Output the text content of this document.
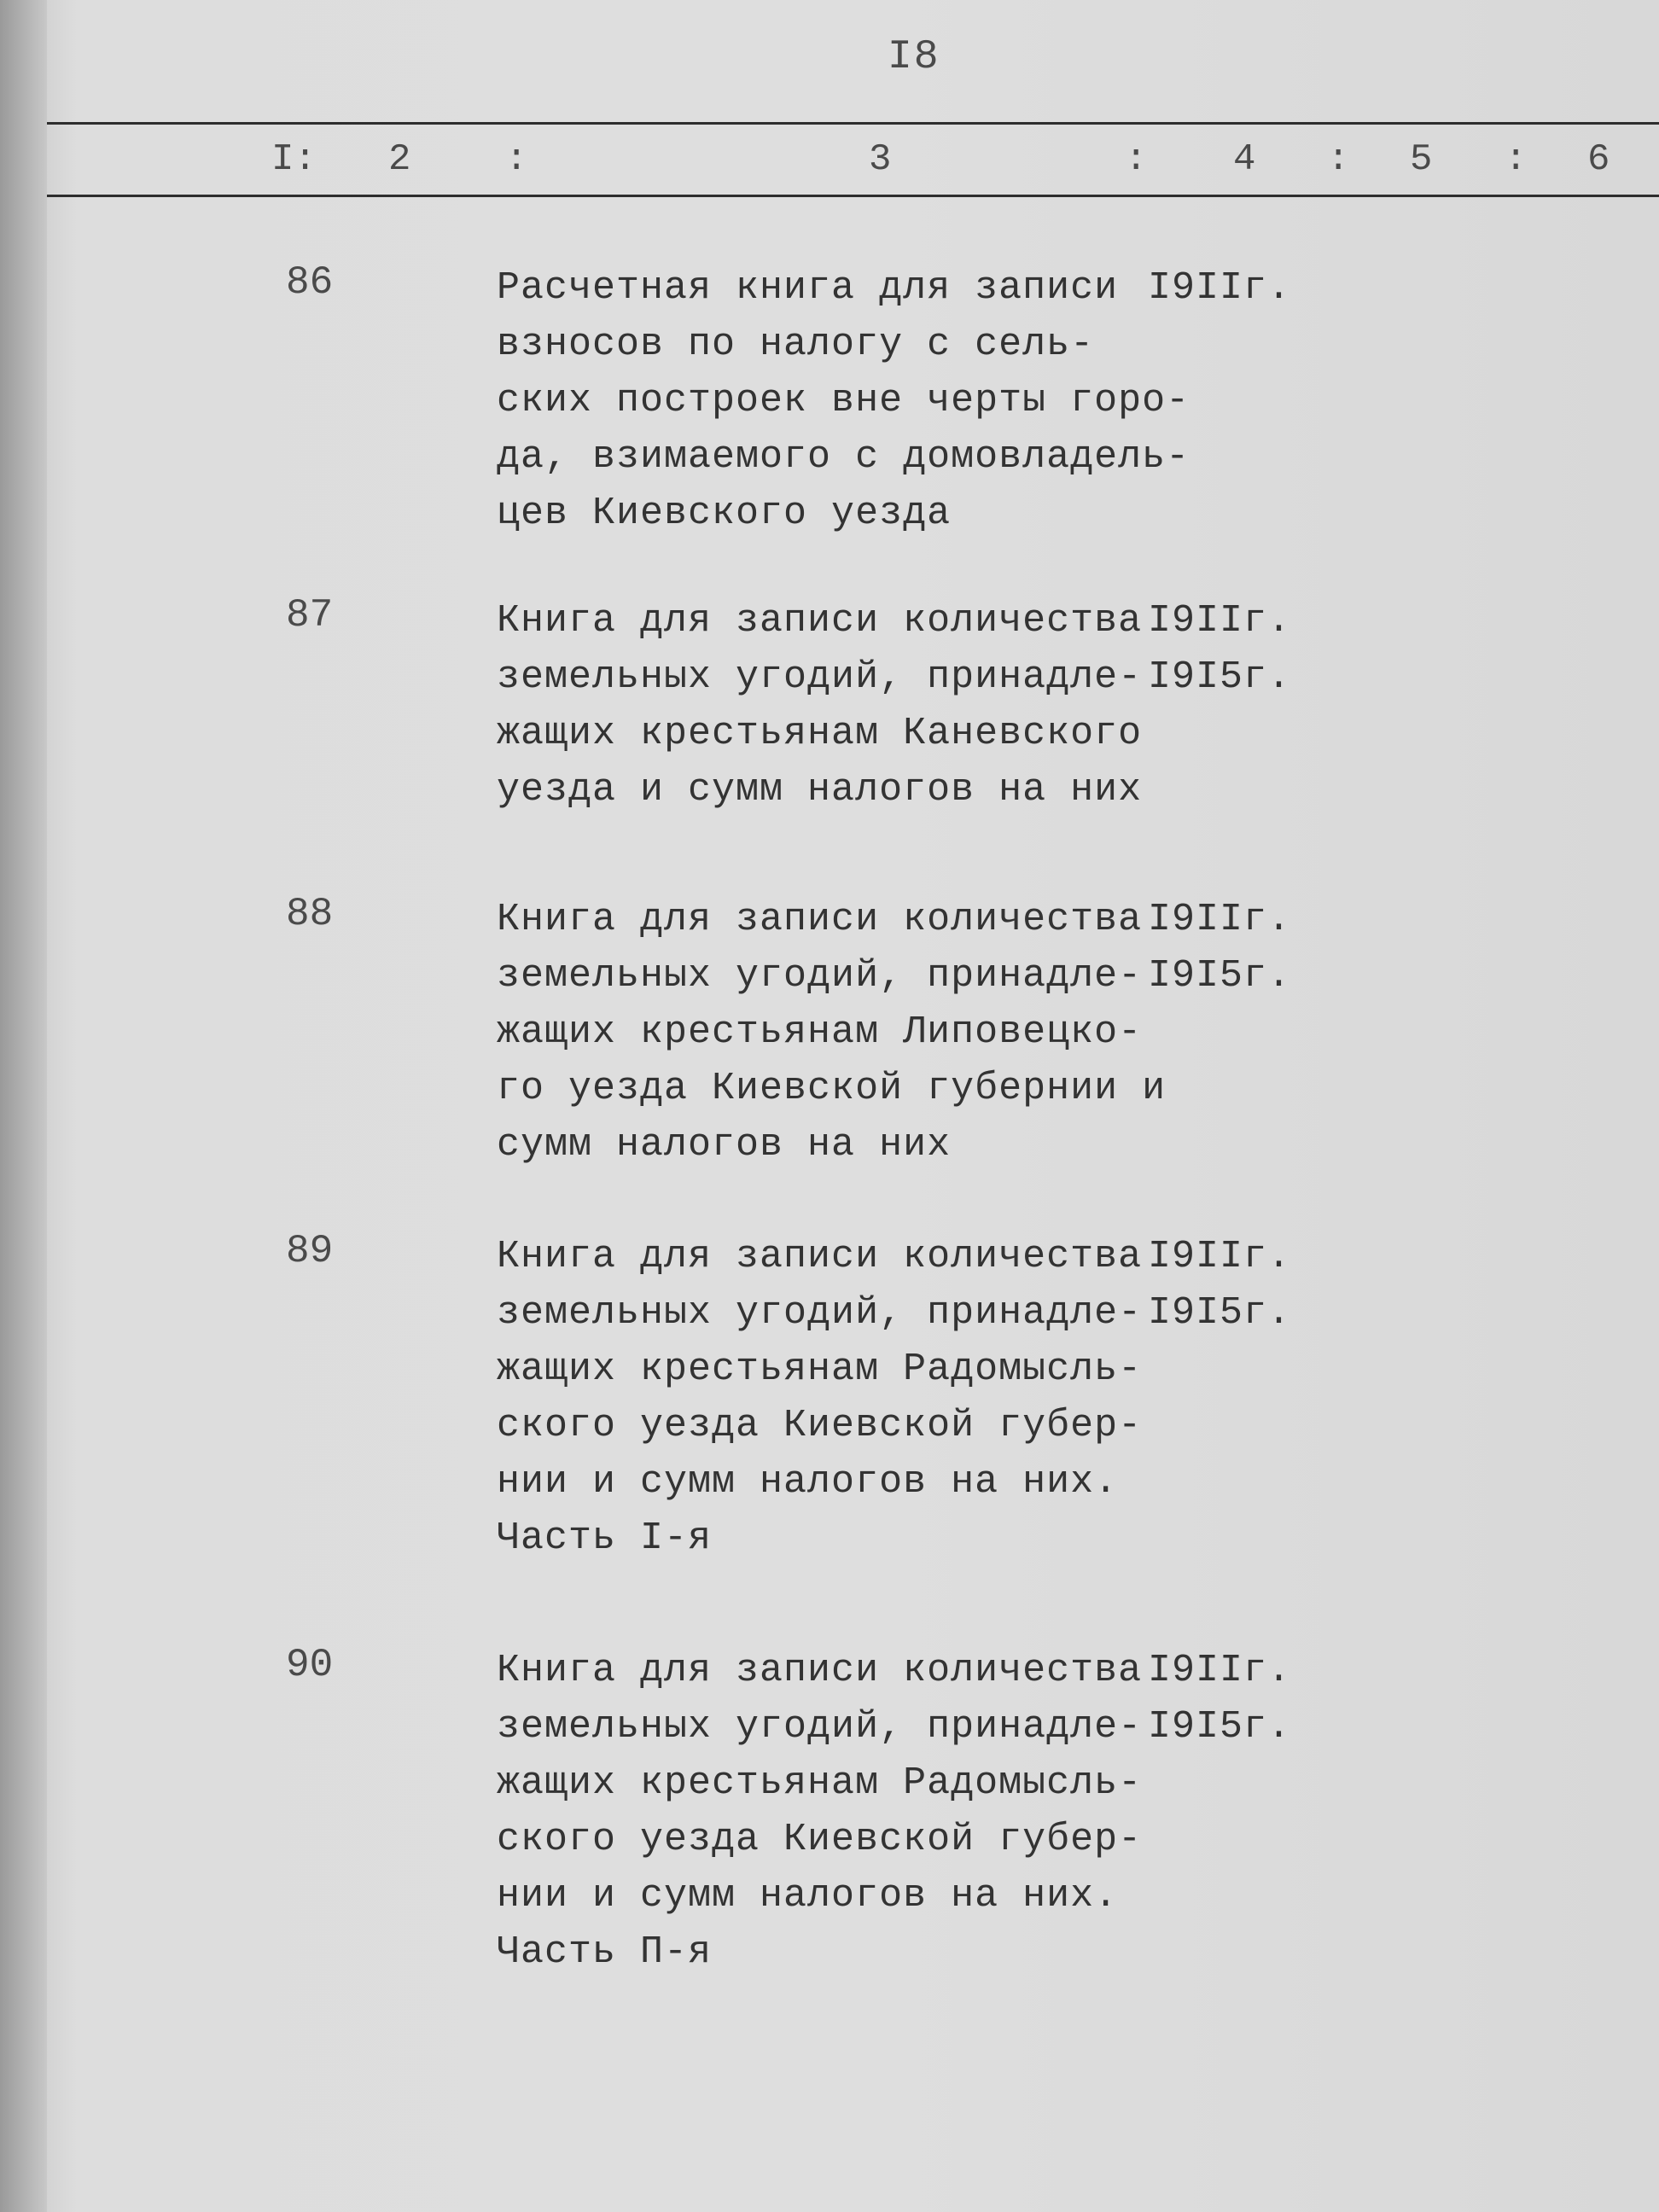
I8
I: 2	:	3	: 4 : 5 : 6
86	Расчетная книга для записи
взносов по налогу с сель-
ских построек вне черты горо-
да, взимаемого с домовладель-
цев Киевского уезда
I9IIг.
87	Книга для записи количества
земельных угодий, принадле-
жащих крестьянам Каневского
уезда и сумм налогов на них
I9IIг.
I9I5г.
88	Книга для записи количества
земельных угодий, принадле-
жащих крестьянам Липовецко-
го уезда Киевской губернии и
сумм налогов на них
I9IIг.
I9I5г.
89	Книга для записи количества
земельных угодий, принадле-
жащих крестьянам Радомысль-
ского уезда Киевской губер-
нии и сумм налогов на них.
Часть I-я
I9IIг.
I9I5г.
90	Книга для записи количества
земельных угодий, принадле-
жащих крестьянам Радомысль-
ского уезда Киевской губер-
нии и сумм налогов на них.
Часть П-я
I9IIг.
I9I5г.
